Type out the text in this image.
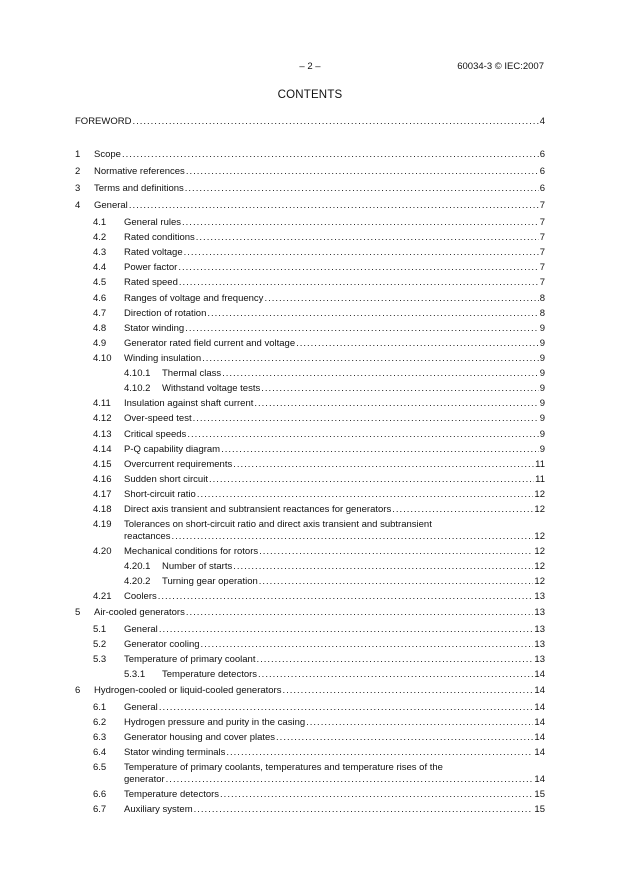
– 2 –	60034-3 © IEC:2007
CONTENTS
FOREWORD .....	4
1 Scope .....	6
2 Normative references .....	6
3 Terms and definitions .....	6
4 General .....	7
4.1 General rules .....	7
4.2 Rated conditions .....	7
4.3 Rated voltage .....	7
4.4 Power factor .....	7
4.5 Rated speed .....	7
4.6 Ranges of voltage and frequency .....	8
4.7 Direction of rotation .....	8
4.8 Stator winding .....	9
4.9 Generator rated field current and voltage .....	9
4.10 Winding insulation .....	9
4.10.1 Thermal class .....	9
4.10.2 Withstand voltage tests .....	9
4.11 Insulation against shaft current .....	9
4.12 Over-speed test .....	9
4.13 Critical speeds .....	9
4.14 P-Q capability diagram .....	9
4.15 Overcurrent requirements .....	11
4.16 Sudden short circuit .....	11
4.17 Short-circuit ratio .....	12
4.18 Direct axis transient and subtransient reactances for generators .....	12
4.19 Tolerances on short-circuit ratio and direct axis transient and subtransient
reactances .....	12
4.20 Mechanical conditions for rotors .....	12
4.20.1 Number of starts .....	12
4.20.2 Turning gear operation .....	12
4.21 Coolers .....	13
5 Air-cooled generators .....	13
5.1 General .....	13
5.2 Generator cooling .....	13
5.3 Temperature of primary coolant .....	13
5.3.1 Temperature detectors .....	14
6 Hydrogen-cooled or liquid-cooled generators .....	14
6.1 General .....	14
6.2 Hydrogen pressure and purity in the casing .....	14
6.3 Generator housing and cover plates .....	14
6.4 Stator winding terminals .....	14
6.5 Temperature of primary coolants, temperatures and temperature rises of the
generator .....	14
6.6 Temperature detectors .....	15
6.7 Auxiliary system .....	15
